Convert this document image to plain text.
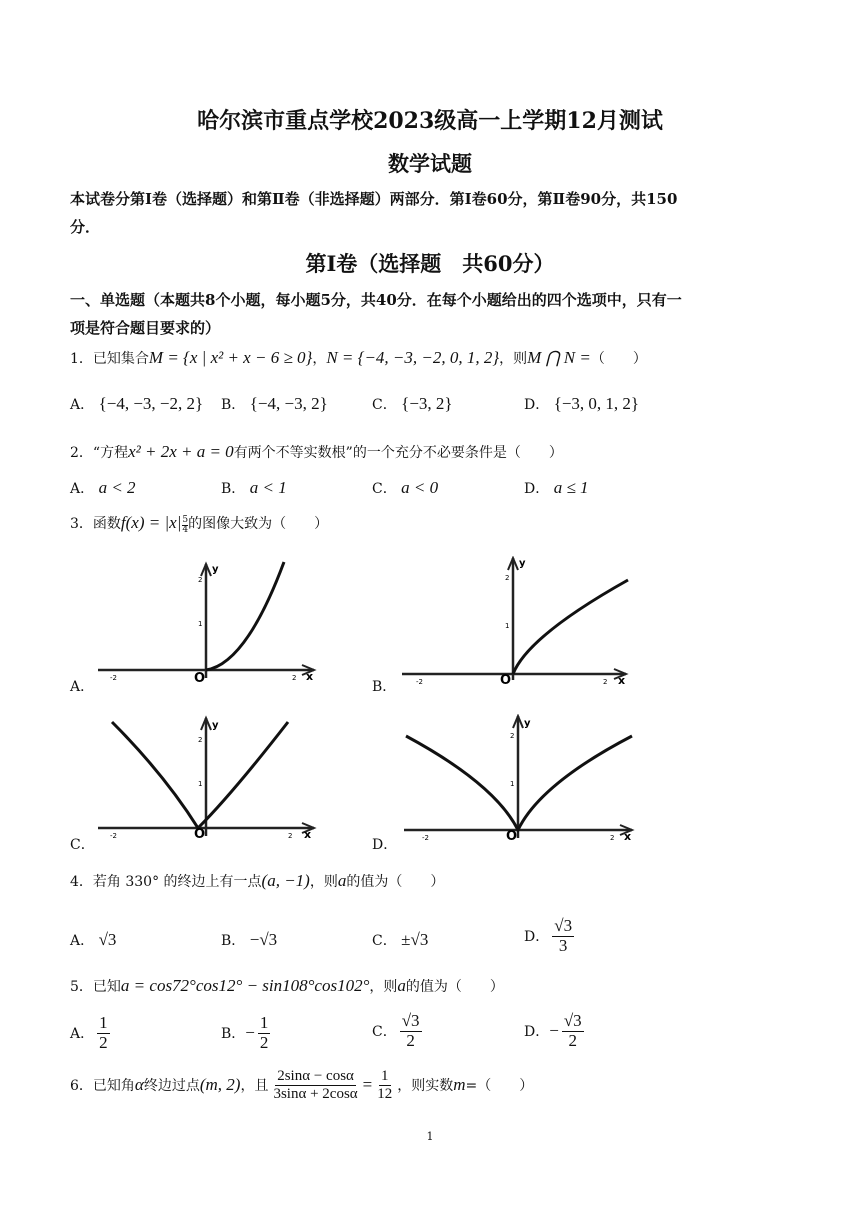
哈尔滨市重点学校2023级高一上学期12月测试
数学试题
本试卷分第Ⅰ卷（选择题）和第Ⅱ卷（非选择题）两部分．第Ⅰ卷60分，第Ⅱ卷90分，共150
分．
第Ⅰ卷（选择题　共60分）
一、单选题（本题共8个小题，每小题5分，共40分．在每个小题给出的四个选项中，只有一
项是符合题目要求的）
1．已知集合M = {x | x² + x − 6 ≥ 0}，N = {−4, −3, −2, 0, 1, 2}，则M ⋂ N =（　　）
A． {−4, −3, −2, 2} B． {−4, −3, 2}	C． {−3, 2}	D． {−3, 0, 1, 2}
2．“方程x² + 2x + a = 0有两个不等实数根”的一个充分不必要条件是（　　）
A． a < 2	B． a < 1	C． a < 0	D． a ≤ 1
3．函数$f(x) = |x| \frac{5}{4}$ 的图像大致为（　　）
A．	B．
C．	D．
y
x
O
-2	2
1
2
y
x
O
-2	2
1
2
y
x
O
-2	2
1
2
y
x
O
-2	2
1
2
4．若角 330° 的终边上有一点(a, −1)，则a的值为（　　）
A． √3	B． −√3	C． ±√3	D． $\frac{√3}{3}$
5．已知a = cos72°cos12° − sin108°cos102°，则a的值为（　　）
A． $\frac{1}{2}$	B．− $\frac{1}{2}$	C． $\frac{√3}{2}$	D．− $\frac{√3}{2}$
6．已知角α终边过点(m, 2)，且 $\frac{2\sin\alpha - \cos\alpha}{3\sin\alpha + 2\cos\alpha} = \frac{1}{12}$ ，则实数m=（　　）
1
